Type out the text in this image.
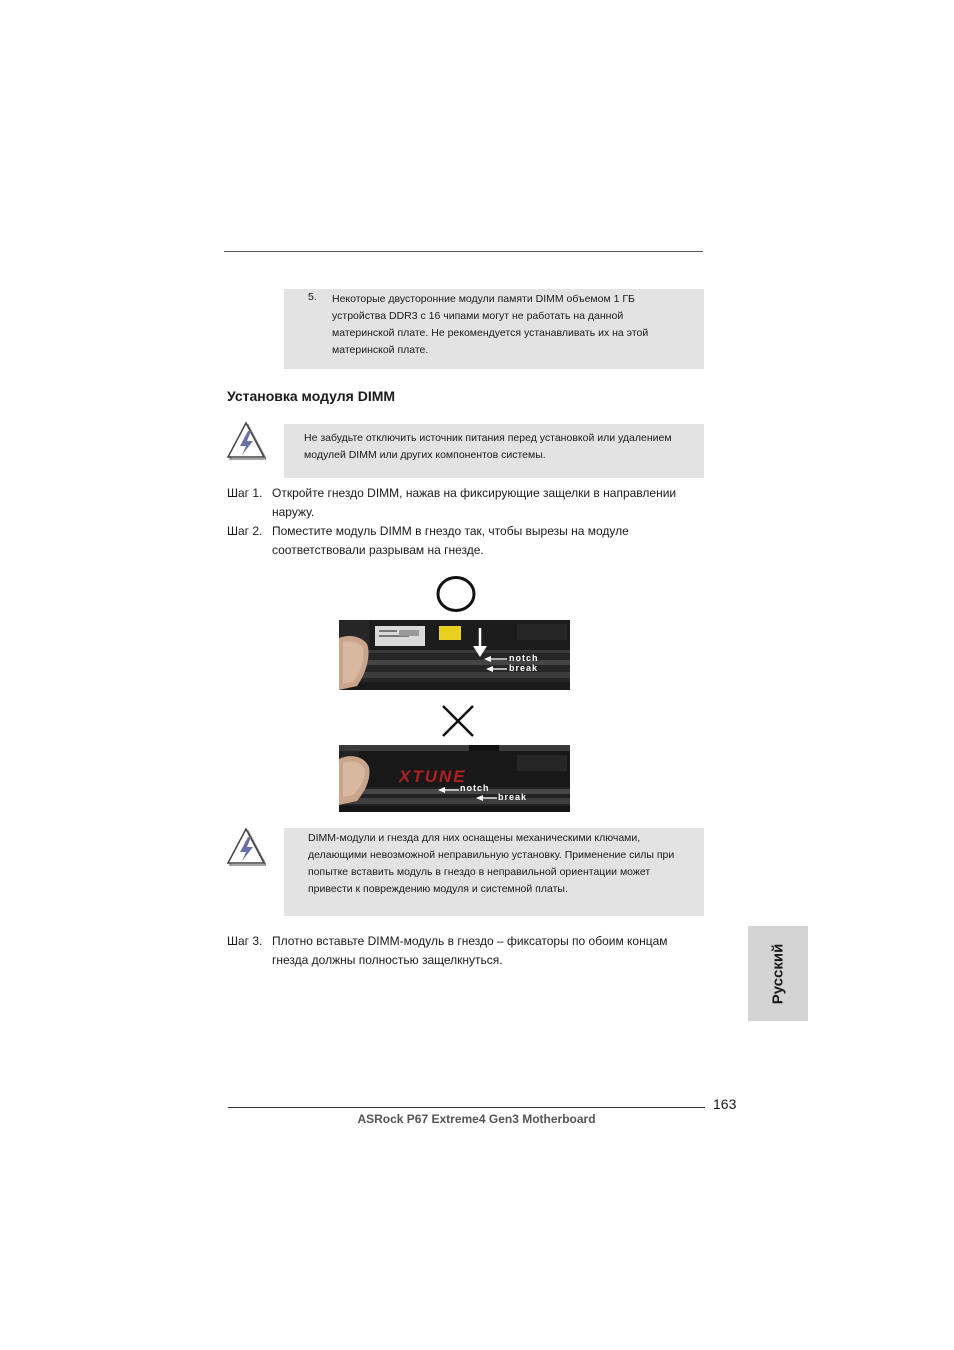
5. Некоторые двусторонние модули памяти DIMM объемом 1 ГБ устройства DDR3 с 16 чипами могут не работать на данной материнской плате. Не рекомендуется устанавливать их на этой материнской плате.
Установка модуля DIMM
Не забудьте отключить источник питания перед установкой или удалением модулей DIMM или других компонентов системы.
Шаг 1. Откройте гнездо DIMM, нажав на фиксирующие защелки в направлении наружу.
Шаг 2. Поместите модуль DIMM в гнездо так, чтобы вырезы на модуле соответствовали разрывам на гнезде.
notch
break
XTUNE
notch
break
DIMM-модули и гнезда для них оснащены механическими ключами, делающими невозможной неправильную установку. Применение силы при попытке вставить модуль в гнездо в неправильной ориентации может привести к повреждению модуля и системной платы.
Шаг 3. Плотно вставьте DIMM-модуль в гнездо – фиксаторы по обоим концам гнезда должны полностью защелкнуться.	Русский
163
ASRock P67 Extreme4 Gen3 Motherboard
